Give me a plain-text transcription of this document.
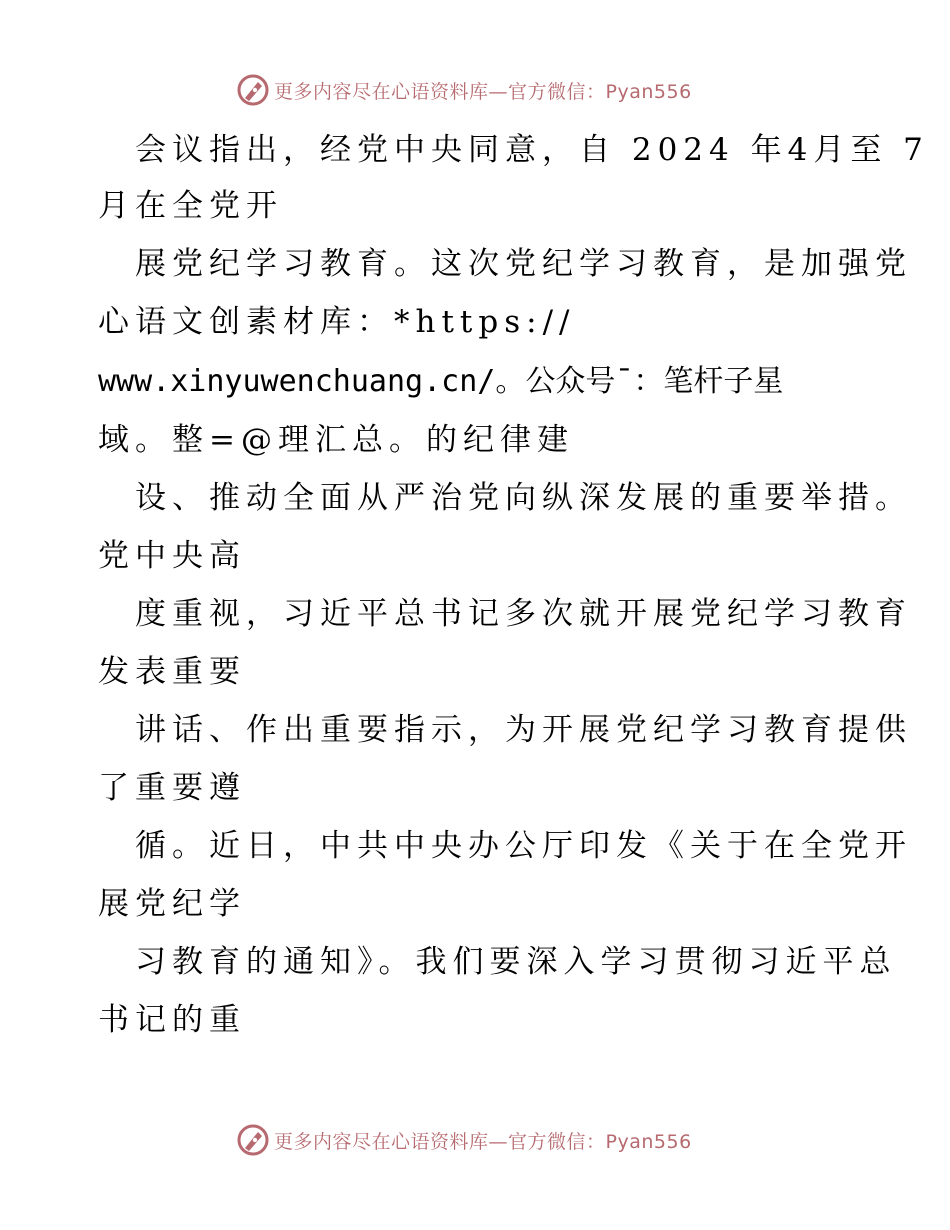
更多内容尽在心语资料库—官方微信：Pyan556
会议指出，经党中央同意，自 2024 年4月至 7
月在全党开
展党纪学习教育。这次党纪学习教育，是加强党
心语文创素材库：*https://
www.xinyuwenchuang.cn/。公众号¯：笔杆子星
域。整=@理汇总。的纪律建
设、推动全面从严治党向纵深发展的重要举措。
党中央高
度重视，习近平总书记多次就开展党纪学习教育
发表重要
讲话、作出重要指示，为开展党纪学习教育提供
了重要遵
循。近日，中共中央办公厅印发《关于在全党开
展党纪学
习教育的通知》。我们要深入学习贯彻习近平总
书记的重
更多内容尽在心语资料库—官方微信：Pyan556
